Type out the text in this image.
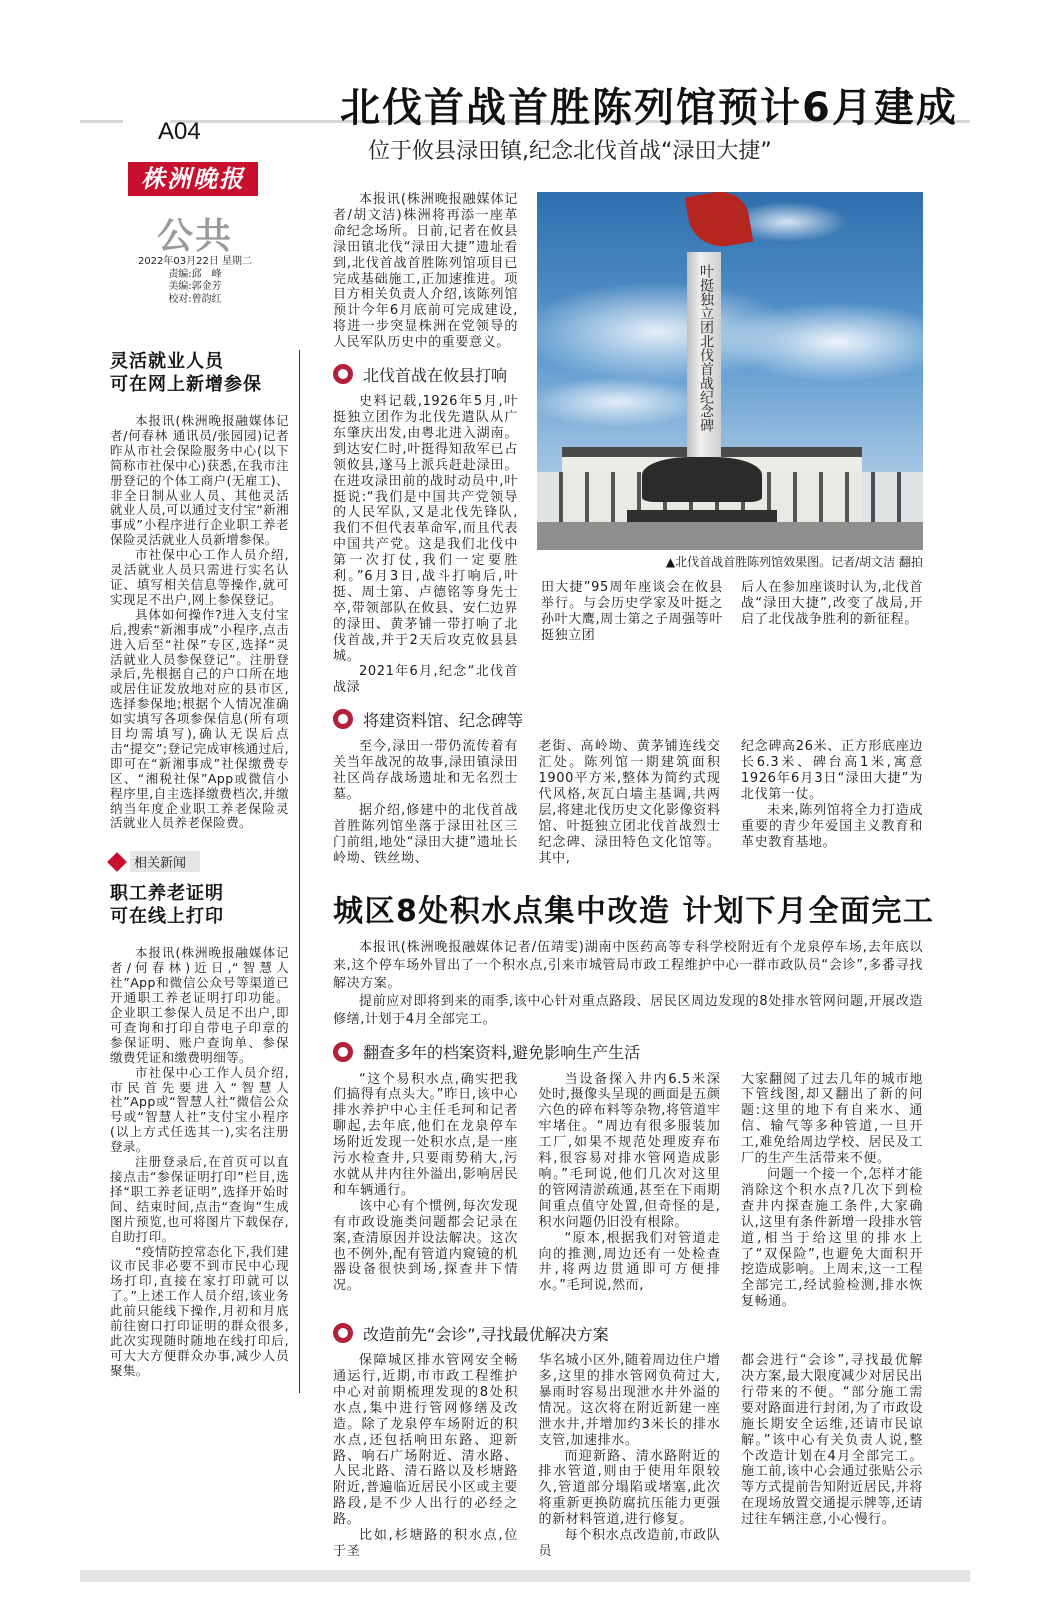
A04
株洲晚报
公共
2022年03月22日 星期二
责编:邱　峰
美编:郭金芳
校对:曾韵红
灵活就业人员
可在网上新增参保

本报讯(株洲晚报融媒体记者/何春林 通讯员/张园园)记者昨从市社会保险服务中心(以下简称市社保中心)获悉,在我市注册登记的个体工商户(无雇工)、非全日制从业人员、其他灵活就业人员,可以通过支付宝“新湘事成”小程序进行企业职工养老保险灵活就业人员新增参保。

市社保中心工作人员介绍,灵活就业人员只需进行实名认证、填写相关信息等操作,就可实现足不出户,网上参保登记。

具体如何操作?进入支付宝后,搜索“新湘事成”小程序,点击进入后至“社保”专区,选择“灵活就业人员参保登记”。注册登录后,先根据自己的户口所在地或居住证发放地对应的县市区,选择参保地;根据个人情况准确如实填写各项参保信息(所有项目均需填写),确认无误后点击“提交”;登记完成审核通过后,即可在“新湘事成”社保缴费专区、“湘税社保”App或微信小程序里,自主选择缴费档次,并缴纳当年度企业职工养老保险灵活就业人员养老保险费。

相关新闻
职工养老证明
可在线上打印

本报讯(株洲晚报融媒体记者/何春林)近日,“智慧人社”App和微信公众号等渠道已开通职工养老证明打印功能。企业职工参保人员足不出户,即可查询和打印自带电子印章的参保证明、账户查询单、参保缴费凭证和缴费明细等。

市社保中心工作人员介绍,市民首先要进入“智慧人社”App或“智慧人社”微信公众号或“智慧人社”支付宝小程序(以上方式任选其一),实名注册登录。

注册登录后,在首页可以直接点击“参保证明打印”栏目,选择“职工养老证明”,选择开始时间、结束时间,点击“查询”生成图片预览,也可将图片下载保存,自助打印。

“疫情防控常态化下,我们建议市民非必要不到市民中心现场打印,直接在家打印就可以了。”上述工作人员介绍,该业务此前只能线下操作,月初和月底前往窗口打印证明的群众很多,此次实现随时随地在线打印后,可大大方便群众办事,减少人员聚集。

北伐首战首胜陈列馆预计6月建成
位于攸县渌田镇,纪念北伐首战“渌田大捷”

本报讯(株洲晚报融媒体记者/胡文洁)株洲将再添一座革命纪念场所。日前,记者在攸县渌田镇北伐“渌田大捷”遗址看到,北伐首战首胜陈列馆项目已完成基础施工,正加速推进。项目方相关负责人介绍,该陈列馆预计今年6月底前可完成建设,将进一步突显株洲在党领导的人民军队历史中的重要意义。

北伐首战在攸县打响

史料记载,1926年5月,叶挺独立团作为北伐先遣队从广东肇庆出发,由粤北进入湖南。到达安仁时,叶挺得知敌军已占领攸县,遂马上派兵赶赴渌田。在进攻渌田前的战时动员中,叶挺说:“我们是中国共产党领导的人民军队,又是北伐先锋队,我们不但代表革命军,而且代表中国共产党。这是我们北伐中第一次打仗,我们一定要胜利。”6月3日,战斗打响后,叶挺、周士第、卢德铭等身先士卒,带领部队在攸县、安仁边界的渌田、黄茅铺一带打响了北伐首战,并于2天后攻克攸县县城。

2021年6月,纪念“北伐首战渌

叶挺独立团北伐首战纪念碑
▲北伐首战首胜陈列馆效果图。记者/胡文洁 翻拍

田大捷”95周年座谈会在攸县举行。与会历史学家及叶挺之孙叶大鹰,周士第之子周强等叶挺独立团

后人在参加座谈时认为,北伐首战“渌田大捷”,改变了战局,开启了北伐战争胜利的新征程。

将建资料馆、纪念碑等

至今,渌田一带仍流传着有关当年战况的故事,渌田镇渌田社区尚存战场遗址和无名烈士墓。

据介绍,修建中的北伐首战首胜陈列馆坐落于渌田社区三门前组,地处“渌田大捷”遗址长岭坳、铁丝坳、

老街、高岭坳、黄茅铺连线交汇处。陈列馆一期建筑面积1900平方米,整体为简约式现代风格,灰瓦白墙主基调,共两层,将建北伐历史文化影像资料馆、叶挺独立团北伐首战烈士纪念碑、渌田特色文化馆等。其中,

纪念碑高26米、正方形底座边长6.3米、碑台高1米,寓意1926年6月3日“渌田大捷”为北伐第一仗。

未来,陈列馆将全力打造成重要的青少年爱国主义教育和革史教育基地。

城区8处积水点集中改造 计划下月全面完工

本报讯(株洲晚报融媒体记者/伍靖雯)湖南中医药高等专科学校附近有个龙泉停车场,去年底以来,这个停车场外冒出了一个积水点,引来市城管局市政工程维护中心一群市政队员“会诊”,多番寻找解决方案。

提前应对即将到来的雨季,该中心针对重点路段、居民区周边发现的8处排水管网问题,开展改造修缮,计划于4月全部完工。

翻查多年的档案资料,避免影响生产生活

“这个易积水点,确实把我们搞得有点头大。”昨日,该中心排水养护中心主任毛珂和记者聊起,去年底,他们在龙泉停车场附近发现一处积水点,是一座污水检查井,只要雨势稍大,污水就从井内往外溢出,影响居民和车辆通行。

该中心有个惯例,每次发现有市政设施类问题都会记录在案,查清原因并设法解决。这次也不例外,配有管道内窥镜的机器设备很快到场,探查井下情况。

当设备探入井内6.5米深处时,摄像头呈现的画面是五颜六色的碎布料等杂物,将管道牢牢堵住。“周边有很多服装加工厂,如果不规范处理废弃布料,很容易对排水管网造成影响。”毛珂说,他们几次对这里的管网清淤疏通,甚至在下雨期间重点值守处置,但奇怪的是,积水问题仍旧没有根除。

“原本,根据我们对管道走向的推测,周边还有一处检查井,将两边贯通即可方便排水。”毛珂说,然而,

大家翻阅了过去几年的城市地下管线图,却又翻出了新的问题:这里的地下有自来水、通信、输气等多种管道,一旦开工,难免给周边学校、居民及工厂的生产生活带来不便。

问题一个接一个,怎样才能消除这个积水点?几次下到检查井内探查施工条件,大家确认,这里有条件新增一段排水管道,相当于给这里的排水上了“双保险”,也避免大面积开挖造成影响。上周末,这一工程全部完工,经试验检测,排水恢复畅通。

改造前先“会诊”,寻找最优解决方案

保障城区排水管网安全畅通运行,近期,市市政工程维护中心对前期梳理发现的8处积水点,集中进行管网修缮及改造。除了龙泉停车场附近的积水点,还包括响田东路、迎新路、响石广场附近、清水路、人民北路、清石路以及杉塘路附近,普遍临近居民小区或主要路段,是不少人出行的必经之路。

比如,杉塘路的积水点,位于圣

华名城小区外,随着周边住户增多,这里的排水管网负荷过大,暴雨时容易出现泄水井外溢的情况。这次将在附近新建一座泄水井,并增加约3米长的排水支管,加速排水。

而迎新路、清水路附近的排水管道,则由于使用年限较久,管道部分塌陷或堵塞,此次将重新更换防腐抗压能力更强的新材料管道,进行修复。

每个积水点改造前,市政队员

都会进行“会诊”,寻找最优解决方案,最大限度减少对居民出行带来的不便。“部分施工需要对路面进行封闭,为了市政设施长期安全运维,还请市民谅解。”该中心有关负责人说,整个改造计划在4月全部完工。施工前,该中心会通过张贴公示等方式提前告知附近居民,并将在现场放置交通提示牌等,还请过往车辆注意,小心慢行。
